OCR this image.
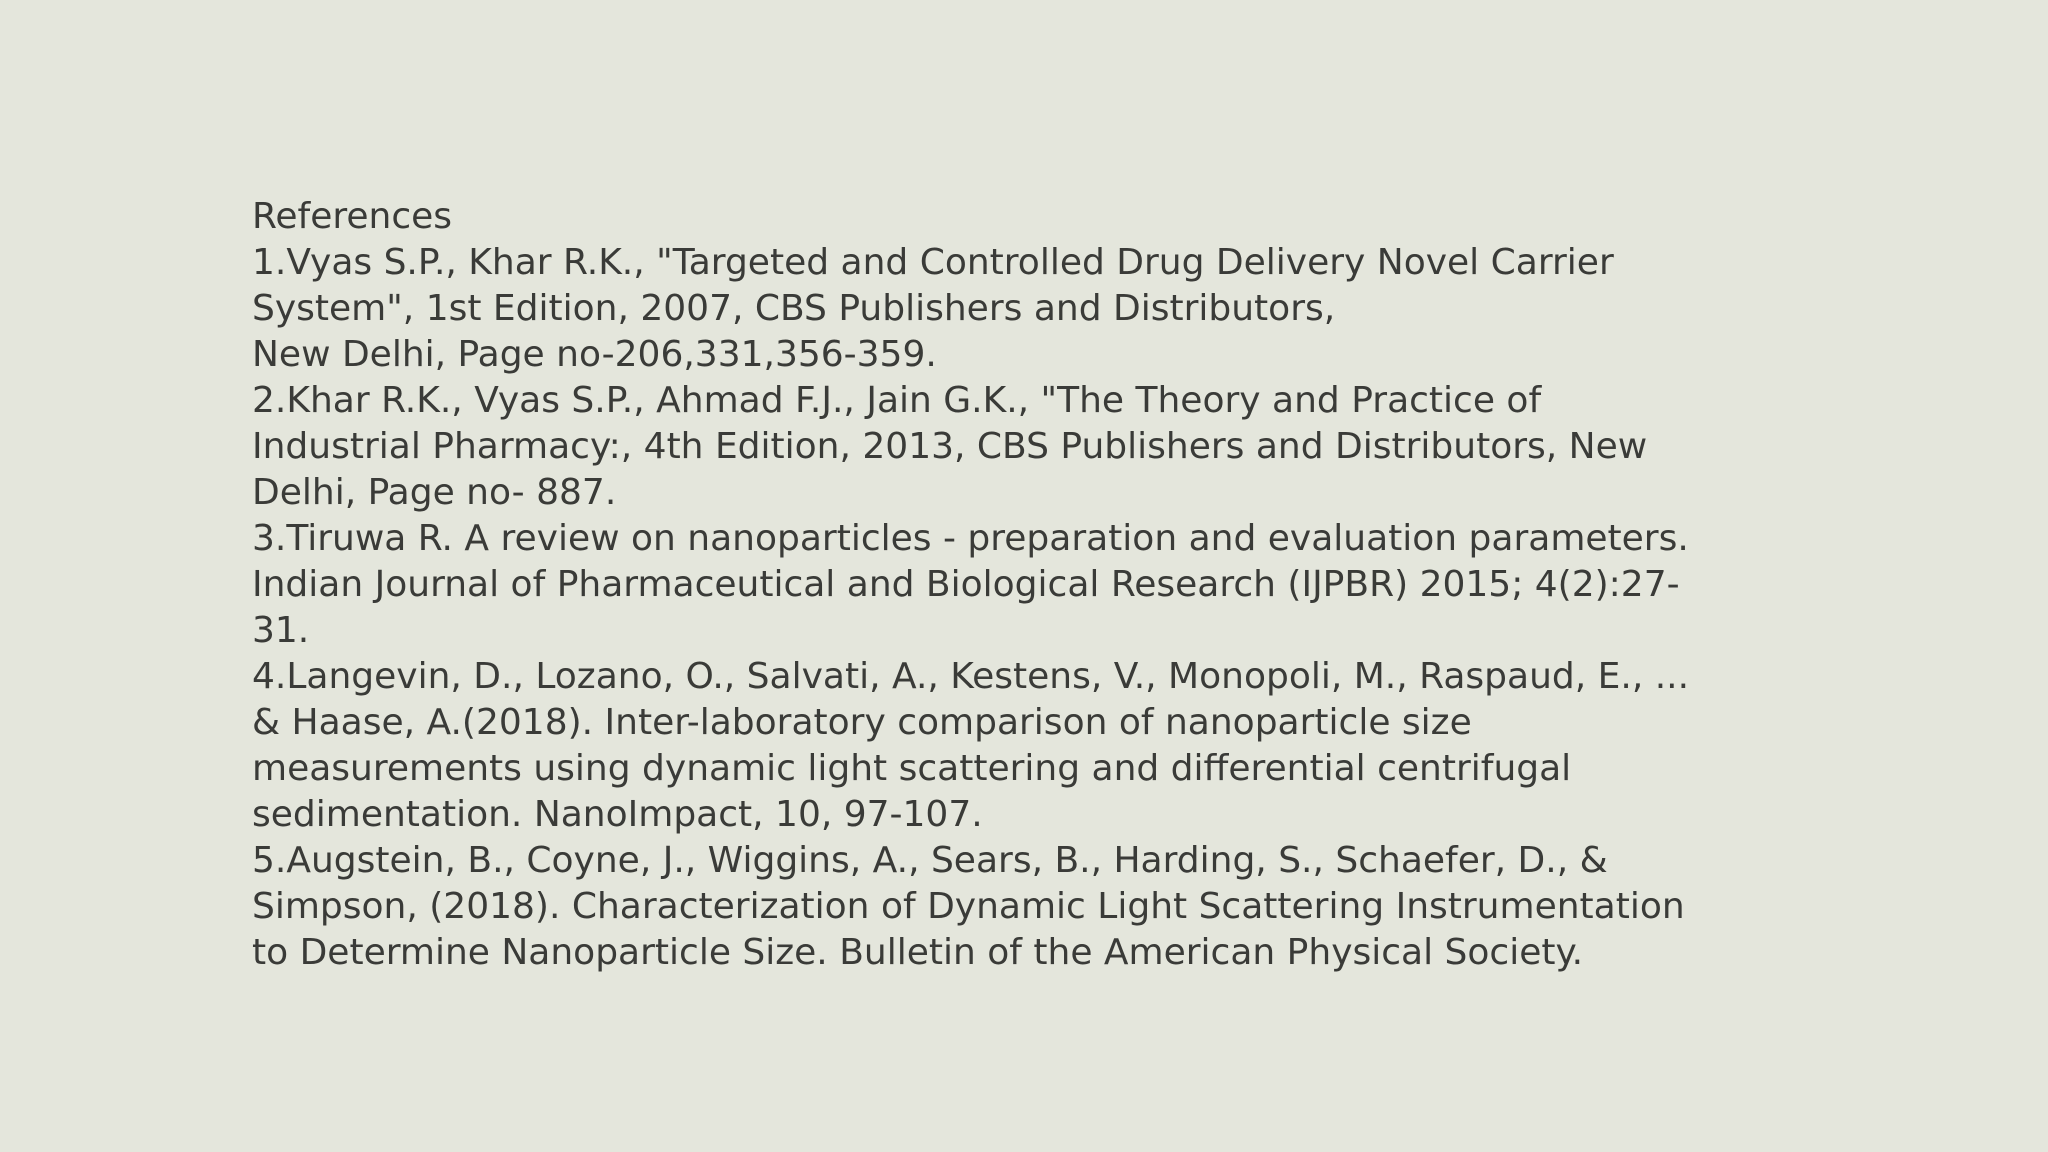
References
1.Vyas S.P., Khar R.K., "Targeted and Controlled Drug Delivery Novel Carrier
System", 1st Edition, 2007, CBS Publishers and Distributors,
New Delhi, Page no-206,331,356-359.
2.Khar R.K., Vyas S.P., Ahmad F.J., Jain G.K., "The Theory and Practice of
Industrial Pharmacy:, 4th Edition, 2013, CBS Publishers and Distributors, New
Delhi, Page no- 887.
3.Tiruwa R. A review on nanoparticles - preparation and evaluation parameters.
Indian Journal of Pharmaceutical and Biological Research (IJPBR) 2015; 4(2):27-
31.
4.Langevin, D., Lozano, O., Salvati, A., Kestens, V., Monopoli, M., Raspaud, E., ...
& Haase, A.(2018). Inter-laboratory comparison of nanoparticle size
measurements using dynamic light scattering and differential centrifugal
sedimentation. NanoImpact, 10, 97-107.
5.Augstein, B., Coyne, J., Wiggins, A., Sears, B., Harding, S., Schaefer, D., &
Simpson, (2018). Characterization of Dynamic Light Scattering Instrumentation
to Determine Nanoparticle Size. Bulletin of the American Physical Society.
